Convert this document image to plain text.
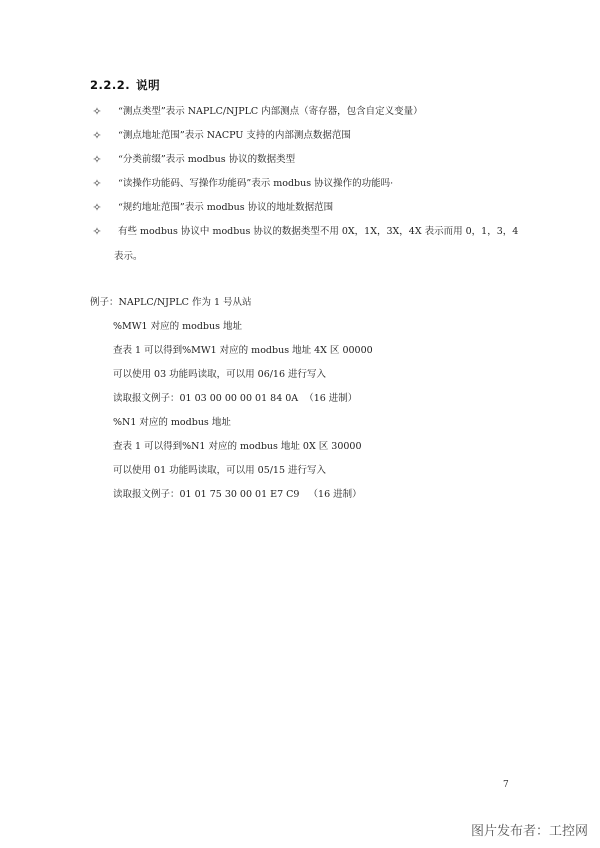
2.2.2. 说明
✧ “测点类型”表示 NAPLC/NJPLC 内部测点（寄存器，包含自定义变量）
✧ “测点地址范围”表示 NACPU 支持的内部测点数据范围
✧ “分类前缀”表示 modbus 协议的数据类型
✧ “读操作功能码、写操作功能码”表示 modbus 协议操作的功能吗·
✧ “规约地址范围”表示 modbus 协议的地址数据范围
✧ 有些 modbus 协议中 modbus 协议的数据类型不用 0X，1X，3X，4X 表示而用 0，1，3，4
表示。
例子：NAPLC/NJPLC 作为 1 号从站
%MW1 对应的 modbus 地址
查表 1 可以得到%MW1 对应的 modbus 地址 4X 区 00000
可以使用 03 功能吗读取，可以用 06/16 进行写入
读取报文例子：01 03 00 00 00 01 84 0A  （16 进制）
%N1 对应的 modbus 地址
查表 1 可以得到%N1 对应的 modbus 地址 0X 区 30000
可以使用 01 功能吗读取，可以用 05/15 进行写入
读取报文例子：01 01 75 30 00 01 E7 C9   （16 进制）
7
图片发布者：工控网
